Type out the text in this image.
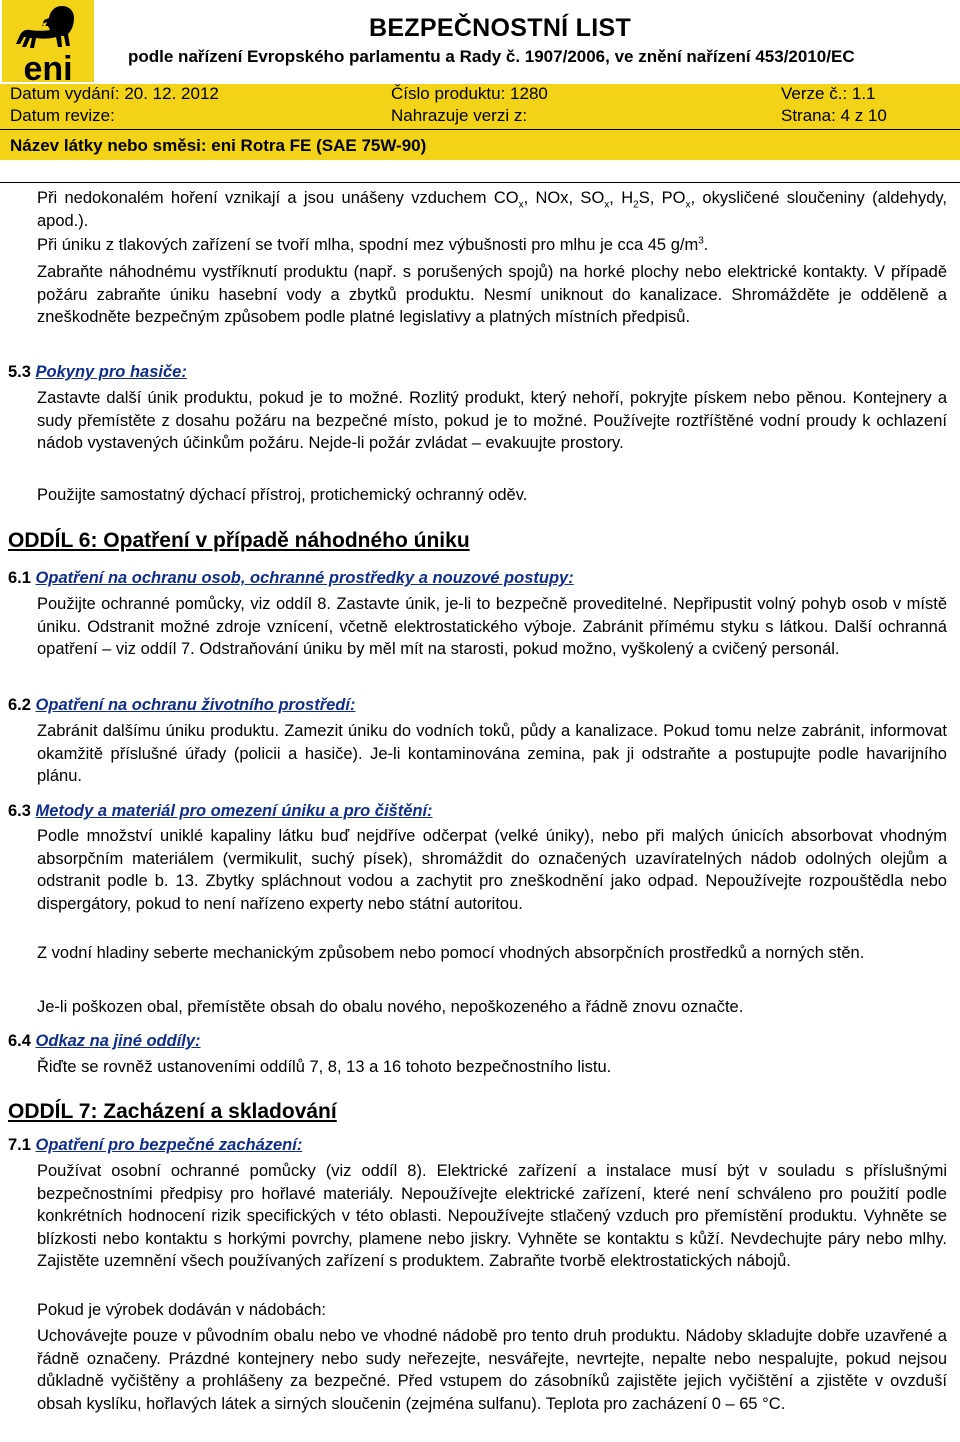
eni
BEZPEČNOSTNÍ LIST
podle nařízení Evropského parlamentu a Rady č. 1907/2006, ve znění nařízení 453/2010/EC
Datum vydání: 20. 12. 2012	Číslo produktu: 1280	Verze č.: 1.1
Datum revize:	Nahrazuje verzi z:	Strana: 4 z 10
Název látky nebo směsi: eni Rotra FE (SAE 75W-90)
Při nedokonalém hoření vznikají a jsou unášeny vzduchem $CO_x$, NOx, $SO_x$, $H_2S$, $PO_x$, okysličené sloučeniny (aldehydy, apod.).
Při úniku z tlakových zařízení se tvoří mlha, spodní mez výbušnosti pro mlhu je cca 45 $g/m^3$.
Zabraňte náhodnému vystříknutí produktu (např. s porušených spojů) na horké plochy nebo elektrické kontakty. V případě požáru zabraňte úniku hasební vody a zbytků produktu. Nesmí uniknout do kanalizace. Shromážděte je odděleně a zneškodněte bezpečným způsobem podle platné legislativy a platných místních předpisů.
5.3 Pokyny pro hasiče:
Zastavte další únik produktu, pokud je to možné. Rozlitý produkt, který nehoří, pokryjte pískem nebo pěnou. Kontejnery a sudy přemístěte z dosahu požáru na bezpečné místo, pokud je to možné. Používejte roztříštěné vodní proudy k ochlazení nádob vystavených účinkům požáru. Nejde-li požár zvládat – evakuujte prostory.
Použijte samostatný dýchací přístroj, protichemický ochranný oděv.
ODDÍL 6: Opatření v případě náhodného úniku
6.1 Opatření na ochranu osob, ochranné prostředky a nouzové postupy:
Použijte ochranné pomůcky, viz oddíl 8. Zastavte únik, je-li to bezpečně proveditelné. Nepřipustit volný pohyb osob v místě úniku. Odstranit možné zdroje vznícení, včetně elektrostatického výboje. Zabránit přímému styku s látkou. Další ochranná opatření – viz oddíl 7. Odstraňování úniku by měl mít na starosti, pokud možno, vyškolený a cvičený personál.
6.2 Opatření na ochranu životního prostředí:
Zabránit dalšímu úniku produktu. Zamezit úniku do vodních toků, půdy a kanalizace. Pokud tomu nelze zabránit, informovat okamžitě příslušné úřady (policii a hasiče). Je-li kontaminována zemina, pak ji odstraňte a postupujte podle havarijního plánu.
6.3 Metody a materiál pro omezení úniku a pro čištění:
Podle množství uniklé kapaliny látku buď nejdříve odčerpat (velké úniky), nebo při malých únicích absorbovat vhodným absorpčním materiálem (vermikulit, suchý písek), shromáždit do označených uzavíratelných nádob odolných olejům a odstranit podle b. 13. Zbytky spláchnout vodou a zachytit pro zneškodnění jako odpad. Nepoužívejte rozpouštědla nebo dispergátory, pokud to není nařízeno experty nebo státní autoritou.
Z vodní hladiny seberte mechanickým způsobem nebo pomocí vhodných absorpčních prostředků a norných stěn.
Je-li poškozen obal, přemístěte obsah do obalu nového, nepoškozeného a řádně znovu označte.
6.4 Odkaz na jiné oddíly:
Řiďte se rovněž ustanoveními oddílů 7, 8, 13 a 16 tohoto bezpečnostního listu.
ODDÍL 7: Zacházení a skladování
7.1 Opatření pro bezpečné zacházení:
Používat osobní ochranné pomůcky (viz oddíl 8). Elektrické zařízení a instalace musí být v souladu s příslušnými bezpečnostními předpisy pro hořlavé materiály. Nepoužívejte elektrické zařízení, které není schváleno pro použití podle konkrétních hodnocení rizik specifických v této oblasti. Nepoužívejte stlačený vzduch pro přemístění produktu. Vyhněte se blízkosti nebo kontaktu s horkými povrchy, plamene nebo jiskry. Vyhněte se kontaktu s kůží. Nevdechujte páry nebo mlhy. Zajistěte uzemnění všech používaných zařízení s produktem. Zabraňte tvorbě elektrostatických nábojů.
Pokud je výrobek dodáván v nádobách:
Uchovávejte pouze v původním obalu nebo ve vhodné nádobě pro tento druh produktu. Nádoby skladujte dobře uzavřené a řádně označeny. Prázdné kontejnery nebo sudy neřezejte, nesvářejte, nevrtejte, nepalte nebo nespalujte, pokud nejsou důkladně vyčištěny a prohlášeny za bezpečné. Před vstupem do zásobníků zajistěte jejich vyčištění a zjistěte v ovzduší obsah kyslíku, hořlavých látek a sirných sloučenin (zejména sulfanu). Teplota pro zacházení 0 – 65 °C.
